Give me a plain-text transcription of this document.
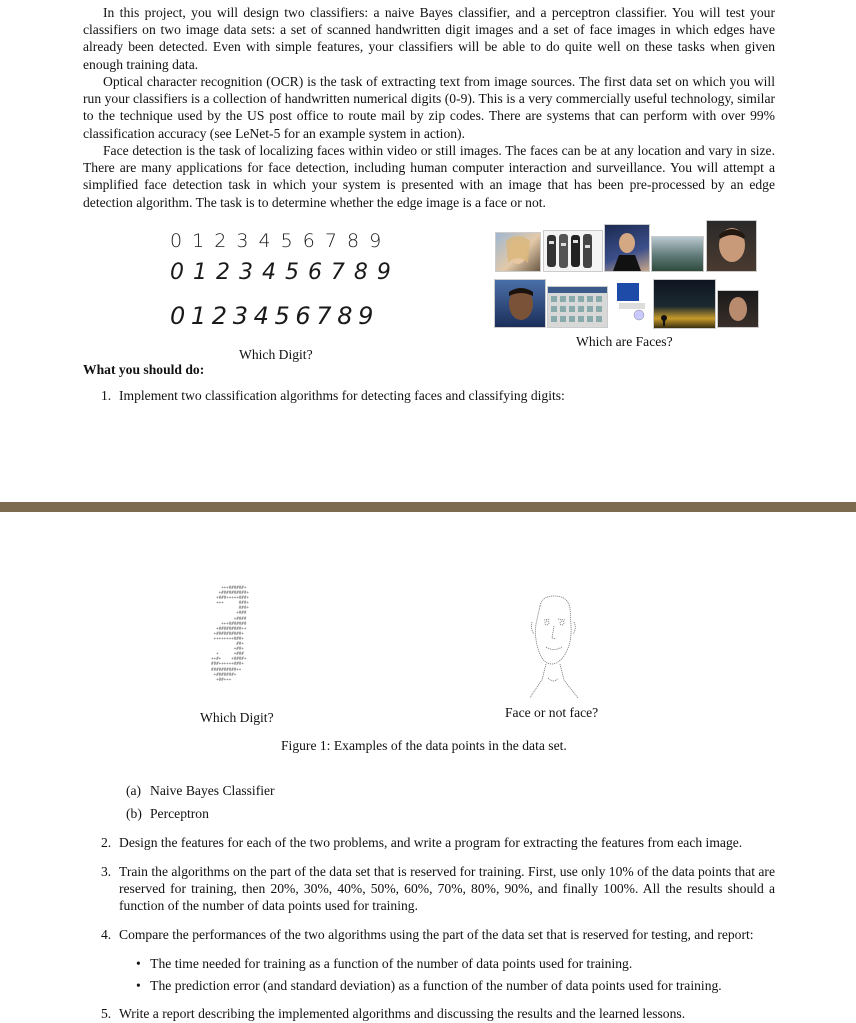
In this project, you will design two classifiers: a naive Bayes classifier, and a perceptron classifier. You will test your classifiers on two image data sets: a set of scanned handwritten digit images and a set of face images in which edges have already been detected. Even with simple features, your classifiers will be able to do quite well on these tasks when given enough training data.

Optical character recognition (OCR) is the task of extracting text from image sources. The first data set on which you will run your classifiers is a collection of handwritten numerical digits (0-9). This is a very commercially useful technology, similar to the technique used by the US post office to route mail by zip codes. There are systems that can perform with over 99% classification accuracy (see LeNet-5 for an example system in action).

Face detection is the task of localizing faces within video or still images. The faces can be at any location and vary in size. There are many applications for face detection, including human computer interaction and surveillance. You will attempt a simplified face detection task in which your system is presented with an image that has been pre-processed by an edge detection algorithm. The task is to determine whether the edge image is a face or not.

0 1 2 3 4 5 6 7 8 9
0 1 2 3 4 5 6 7 8 9
0 1 2 3 4 5 6 7 8 9
Which Digit?
Which are Faces?
What you should do:
1. Implement two classification algorithms for detecting faces and classifying digits:
+++######+
+##########+
+###+++++###+
+++      ###+
###+
+###
+####
+++#######
+#########++
+##########+
++++++++###+
##+
+##+
+      +###
++#+    +####+
###++++++###+
##########++
+#######+
+##+++
Which Digit?	Face or not face?
Figure 1: Examples of the data points in the data set.
(a) Naive Bayes Classifier
(b) Perceptron
2. Design the features for each of the two problems, and write a program for extracting the features from each image.
3. Train the algorithms on the part of the data set that is reserved for training. First, use only 10% of the data points that are reserved for training, then 20%, 30%, 40%, 50%, 60%, 70%, 80%, 90%, and finally 100%. All the results should a function of the number of data points used for training.
4. Compare the performances of the two algorithms using the part of the data set that is reserved for testing, and report:
• The time needed for training as a function of the number of data points used for training.
• The prediction error (and standard deviation) as a function of the number of data points used for training.
5. Write a report describing the implemented algorithms and discussing the results and the learned lessons.
